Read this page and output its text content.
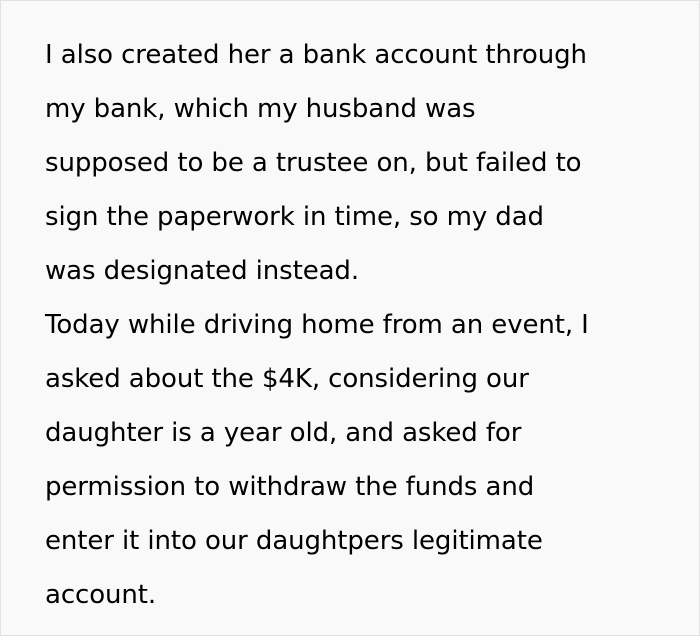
I also created her a bank account through
my bank, which my husband was
supposed to be a trustee on, but failed to
sign the paperwork in time, so my dad
was designated instead.
Today while driving home from an event, I
asked about the $4K, considering our
daughter is a year old, and asked for
permission to withdraw the funds and
enter it into our daughtpers legitimate
account.
